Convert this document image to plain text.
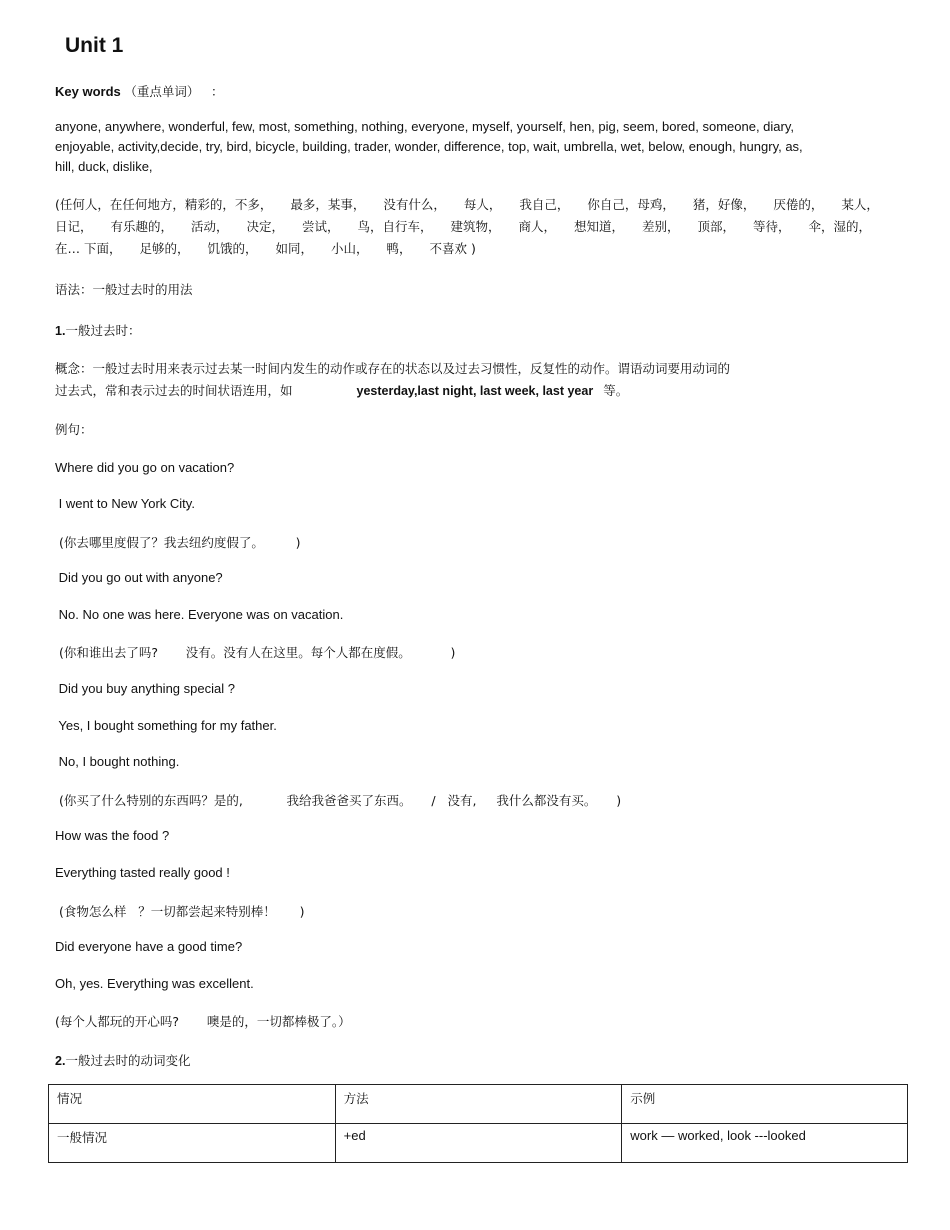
Unit 1
Key words （重点单词） ：
anyone, anywhere, wonderful, few, most, something, nothing, everyone, myself, yourself, hen, pig, seem, bored, someone, diary,
enjoyable, activity,decide, try, bird, bicycle, building, trader, wonder, difference, top, wait, umbrella, wet, below, enough, hungry, as,
hill, duck, dislike,
(任何人，在任何地方，精彩的，不多， 最多，某事， 没有什么， 每人， 我自己， 你自己，母鸡， 猪，好像， 厌倦的， 某人， 日记， 有乐趣的， 活动， 决定， 尝试， 鸟，自行车， 建筑物， 商人， 想知道， 差别， 顶部， 等待， 伞，湿的， 在… 下面， 足够的， 饥饿的， 如同， 小山， 鸭， 不喜欢 )
语法：一般过去时的用法
1.一般过去时：
概念：一般过去时用来表示过去某一时间内发生的动作或存在的状态以及过去习惯性，反复性的动作。谓语动词要用动词的
过去式，常和表示过去的时间状语连用，如	yesterday,last night, last week, last year 等。
例句：
Where did you go on vacation?
I went to New York City.
(你去哪里度假了？我去纽约度假了。        )
Did you go out with anyone?
No. No one was here. Everyone was on vacation.
(你和谁出去了吗?       没有。没有人在这里。每个人都在度假。          )
Did you buy anything special ?
Yes, I bought something for my father.
No, I bought nothing.
(你买了什么特别的东西吗？是的,           我给我爸爸买了东西。     /   没有,     我什么都没有买。     )
How was the food ?
Everything tasted really good !
(食物怎么样   ？一切都尝起来特别棒！      )
Did everyone have a good time?
Oh, yes. Everything was excellent.
(每个人都玩的开心吗?       噢是的，一切都棒极了。）
2.一般过去时的动词变化
情况	方法	示例
一般情况	+ed	work — worked, look ---looked
